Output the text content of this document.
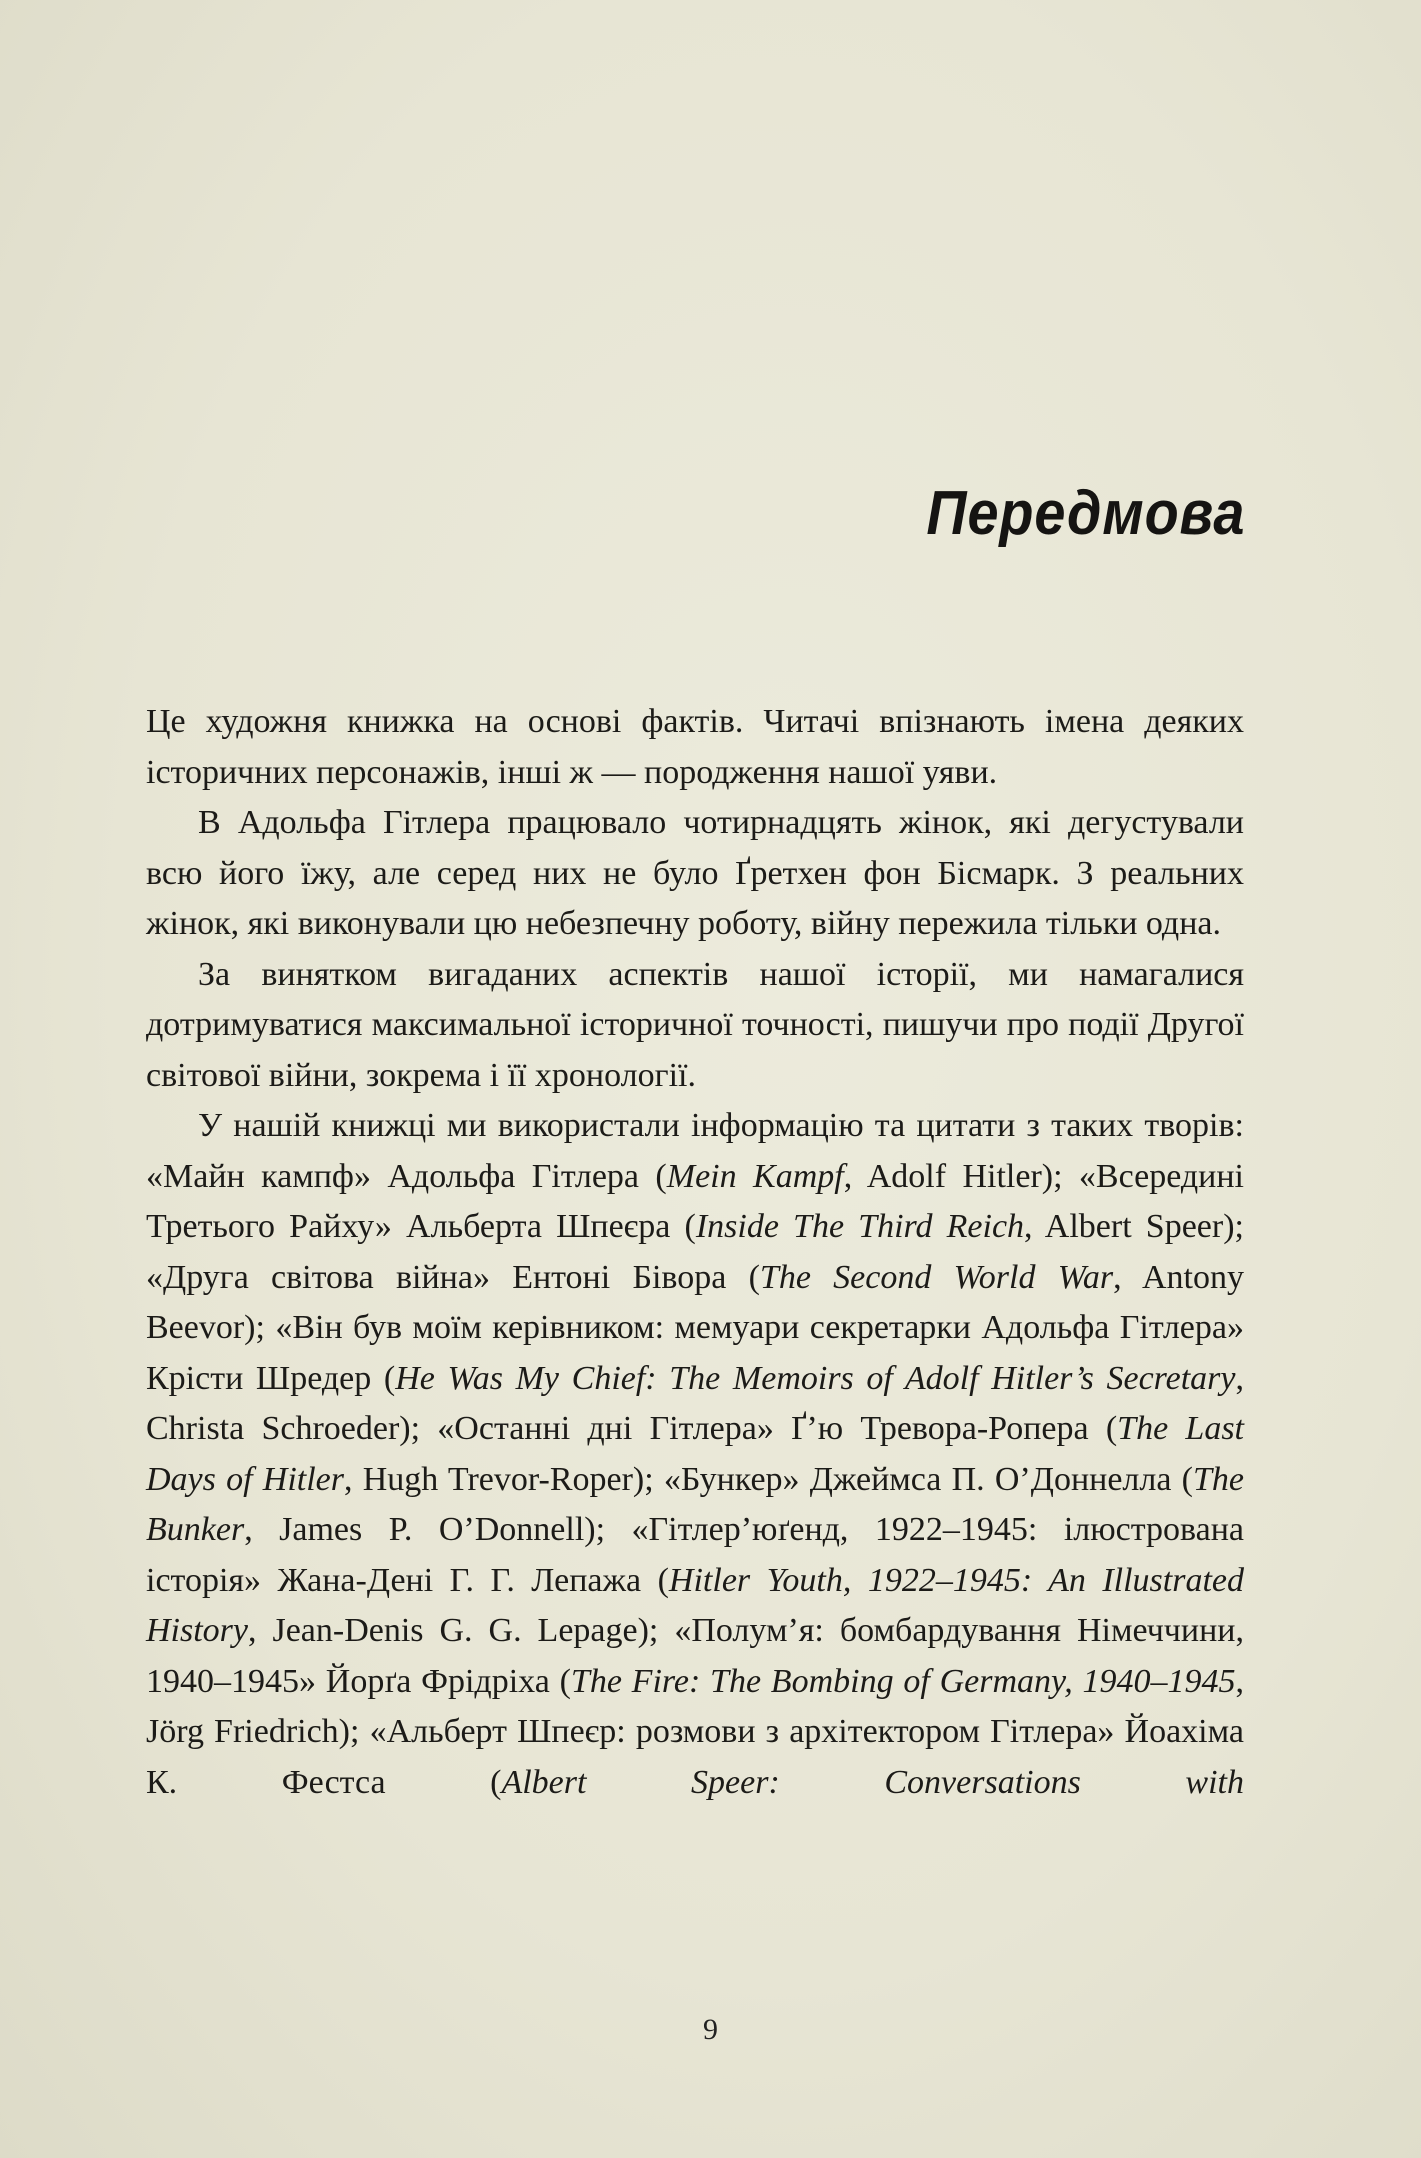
Передмова

Це художня книжка на основі фактів. Читачі впізнають імена деяких історичних персонажів, інші ж — породження нашої уяви.

В Адольфа Гітлера працювало чотирнадцять жінок, які дегустували всю його їжу, але серед них не було Ґретхен фон Бісмарк. З реальних жінок, які виконували цю небезпечну роботу, війну пережила тільки одна.

За винятком вигаданих аспектів нашої історії, ми намагалися дотримуватися максимальної історичної точності, пишучи про події Другої світової війни, зокрема і її хронології.

У нашій книжці ми використали інформацію та цитати з таких творів: «Майн кампф» Адольфа Гітлера (Mein Kampf, Adolf Hitler); «Всередині Третього Райху» Альберта Шпеєра (Inside The Third Reich, Albert Speer); «Друга світова війна» Ентоні Бівора (The Second World War, Antony Beevor); «Він був моїм керівником: мемуари секретарки Адольфа Гітлера» Крісти Шредер (He Was My Chief: The Memoirs of Adolf Hitler’s Secretary, Christa Schroeder); «Останні дні Гітлера» Ґ’ю Тревора-Ропера (The Last Days of Hitler, Hugh Trevor-Roper); «Бункер» Джеймса П. О’Доннелла (The Bunker, James P. O’Donnell); «Гітлер’юґенд, 1922–1945: ілюстрована історія» Жана-Дені Г. Г. Лепажа (Hitler Youth, 1922–1945: An Illustrated History, Jean-Denis G. G. Lepage); «Полум’я: бомбардування Німеччини, 1940–1945» Йорґа Фрідріха (The Fire: The Bombing of Germany, 1940–1945, Jörg Friedrich); «Альберт Шпеєр: розмови з архітектором Гітлера» Йоахіма К. Фестса (Albert Speer: Conversations with

9
